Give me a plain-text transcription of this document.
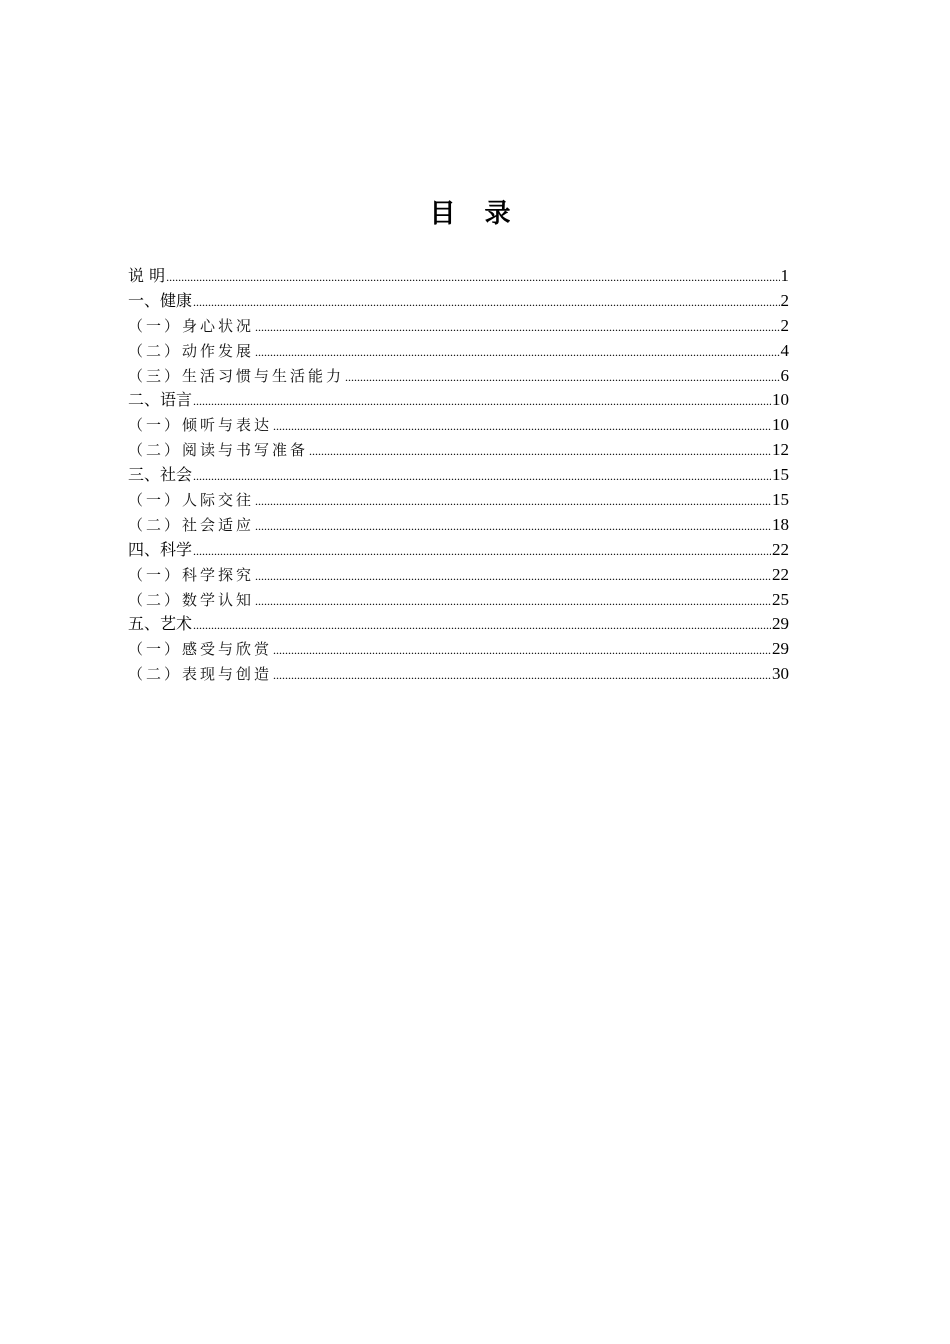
目 录
说 明 .....	1
一、健康 .....	2
（一）身心状况 .....	2
（二）动作发展 .....	4
（三）生活习惯与生活能力 .....	6
二、语言 .....	10
（一）倾听与表达 .....	10
（二）阅读与书写准备 .....	12
三、社会 .....	15
（一）人际交往 .....	15
（二）社会适应 .....	18
四、科学 .....	22
（一）科学探究 .....	22
（二）数学认知 .....	25
五、艺术 .....	29
（一）感受与欣赏 .....	29
（二）表现与创造 .....	30
